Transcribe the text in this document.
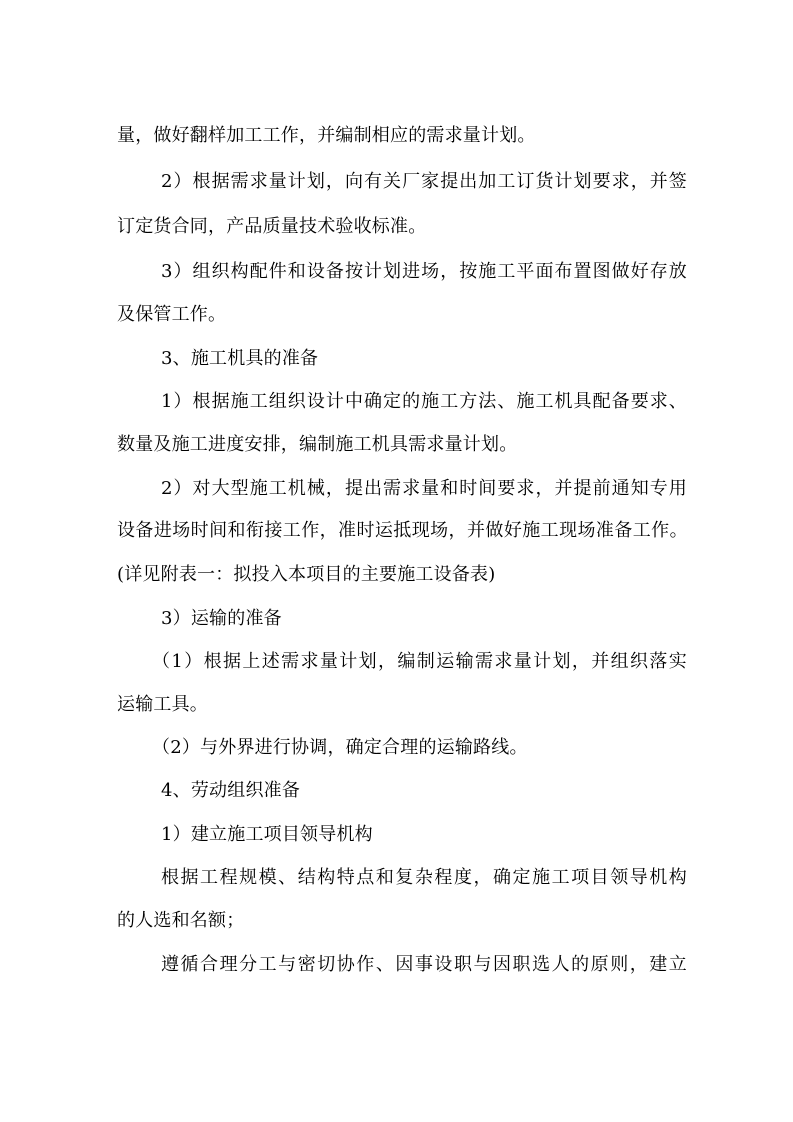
量，做好翻样加工工作，并编制相应的需求量计划。
2）根据需求量计划，向有关厂家提出加工订货计划要求，并签
订定货合同，产品质量技术验收标准。
3）组织构配件和设备按计划进场，按施工平面布置图做好存放
及保管工作。
3、施工机具的准备
1）根据施工组织设计中确定的施工方法、施工机具配备要求、
数量及施工进度安排，编制施工机具需求量计划。
2）对大型施工机械，提出需求量和时间要求，并提前通知专用
设备进场时间和衔接工作，准时运抵现场，并做好施工现场准备工作。
(详见附表一：拟投入本项目的主要施工设备表)
3）运输的准备
（1）根据上述需求量计划，编制运输需求量计划，并组织落实
运输工具。
（2）与外界进行协调，确定合理的运输路线。
4、劳动组织准备
1）建立施工项目领导机构
根据工程规模、结构特点和复杂程度，确定施工项目领导机构
的人选和名额；
遵循合理分工与密切协作、因事设职与因职选人的原则，建立
